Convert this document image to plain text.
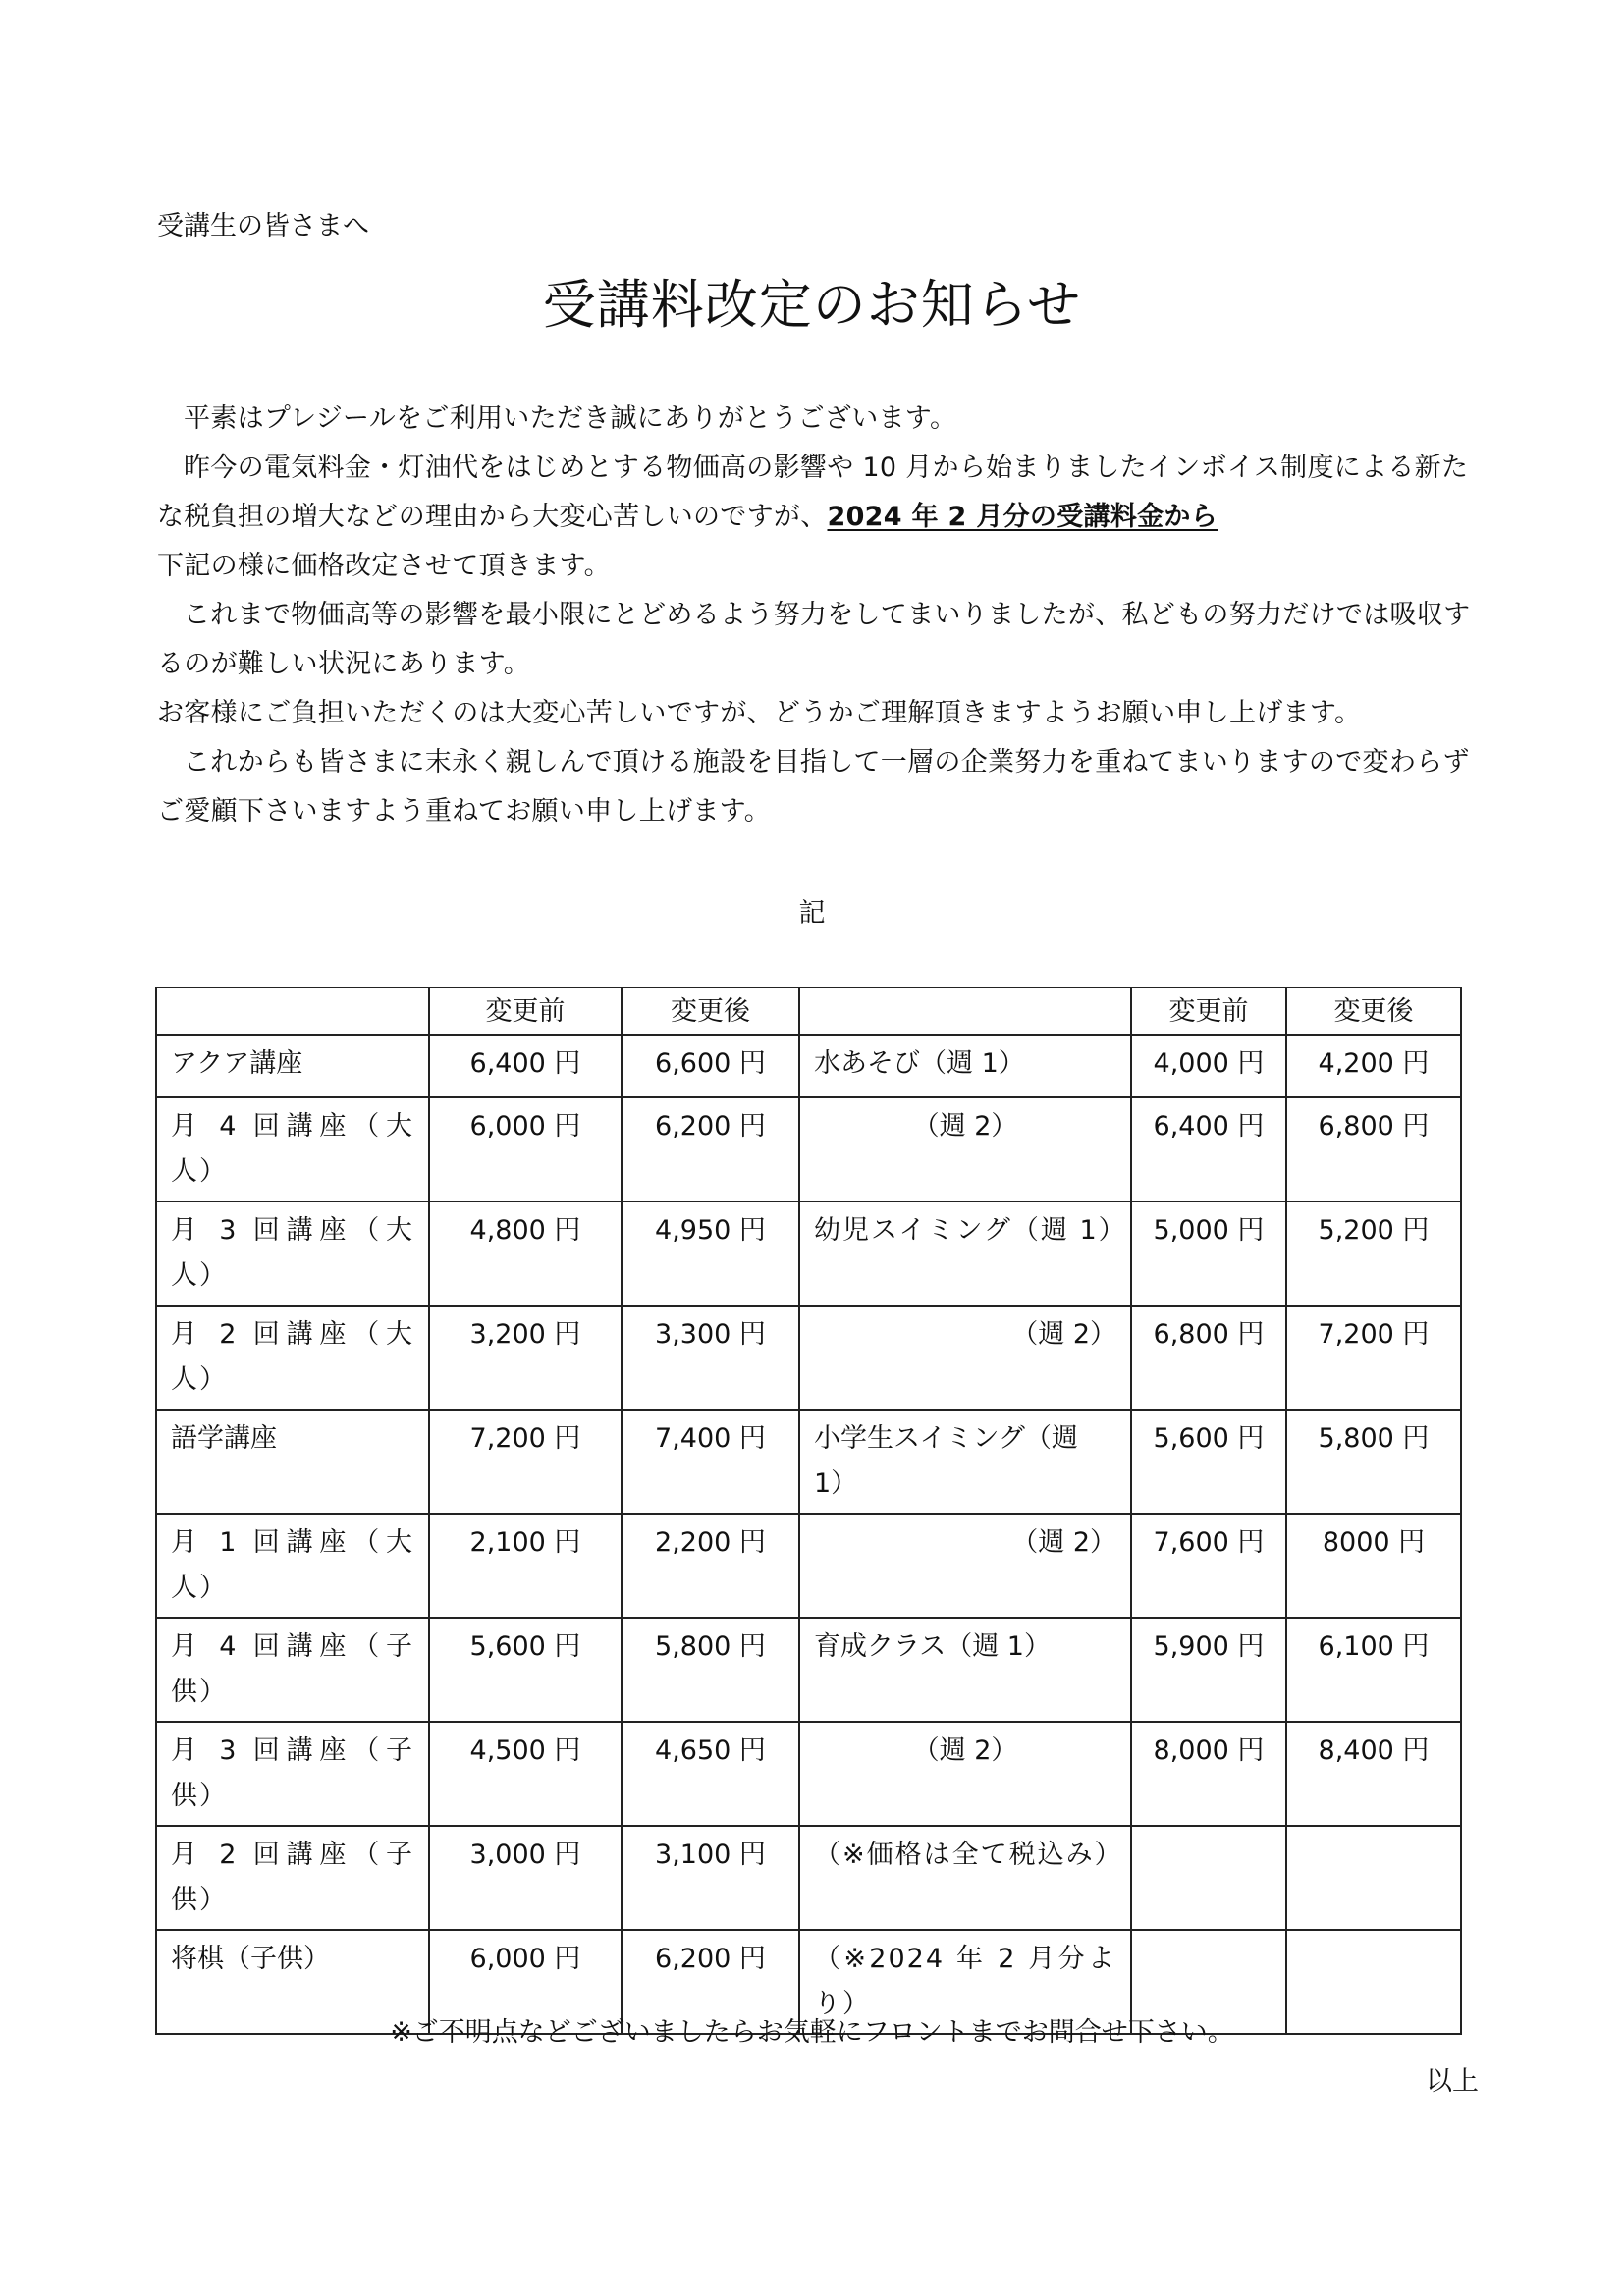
受講生の皆さまへ
受講料改定のお知らせ

平素はプレジールをご利用いただき誠にありがとうございます。

昨今の電気料金・灯油代をはじめとする物価高の影響や 10 月から始まりましたインボイス制度による新たな税負担の増大などの理由から大変心苦しいのですが、2024 年 2 月分の受講料金から
下記の様に価格改定させて頂きます。

これまで物価高等の影響を最小限にとどめるよう努力をしてまいりましたが、私どもの努力だけでは吸収するのが難しい状況にあります。

お客様にご負担いただくのは大変心苦しいですが、どうかご理解頂きますようお願い申し上げます。

これからも皆さまに末永く親しんで頂ける施設を目指して一層の企業努力を重ねてまいりますので変わらずご愛顧下さいますよう重ねてお願い申し上げます。

記
	変更前	変更後		変更前	変更後
アクア講座	6,400 円	6,600 円	水あそび（週 1）	4,000 円	4,200 円
月 4 回講座（大人）	6,000 円	6,200 円	（週 2）	6,400 円	6,800 円
月 3 回講座（大人）	4,800 円	4,950 円	幼児スイミング（週 1）	5,000 円	5,200 円
月 2 回講座（大人）	3,200 円	3,300 円	（週 2）	6,800 円	7,200 円
語学講座	7,200 円	7,400 円	小学生スイミング（週 1）	5,600 円	5,800 円
月 1 回講座（大人）	2,100 円	2,200 円	（週 2）	7,600 円	8000 円
月 4 回講座（子供）	5,600 円	5,800 円	育成クラス（週 1）	5,900 円	6,100 円
月 3 回講座（子供）	4,500 円	4,650 円	（週 2）	8,000 円	8,400 円
月 2 回講座（子供）	3,000 円	3,100 円	（※価格は全て税込み）		
将棋（子供）	6,000 円	6,200 円	（※2024 年 2 月分より）		
※ご不明点などございましたらお気軽にフロントまでお問合せ下さい。
以上
